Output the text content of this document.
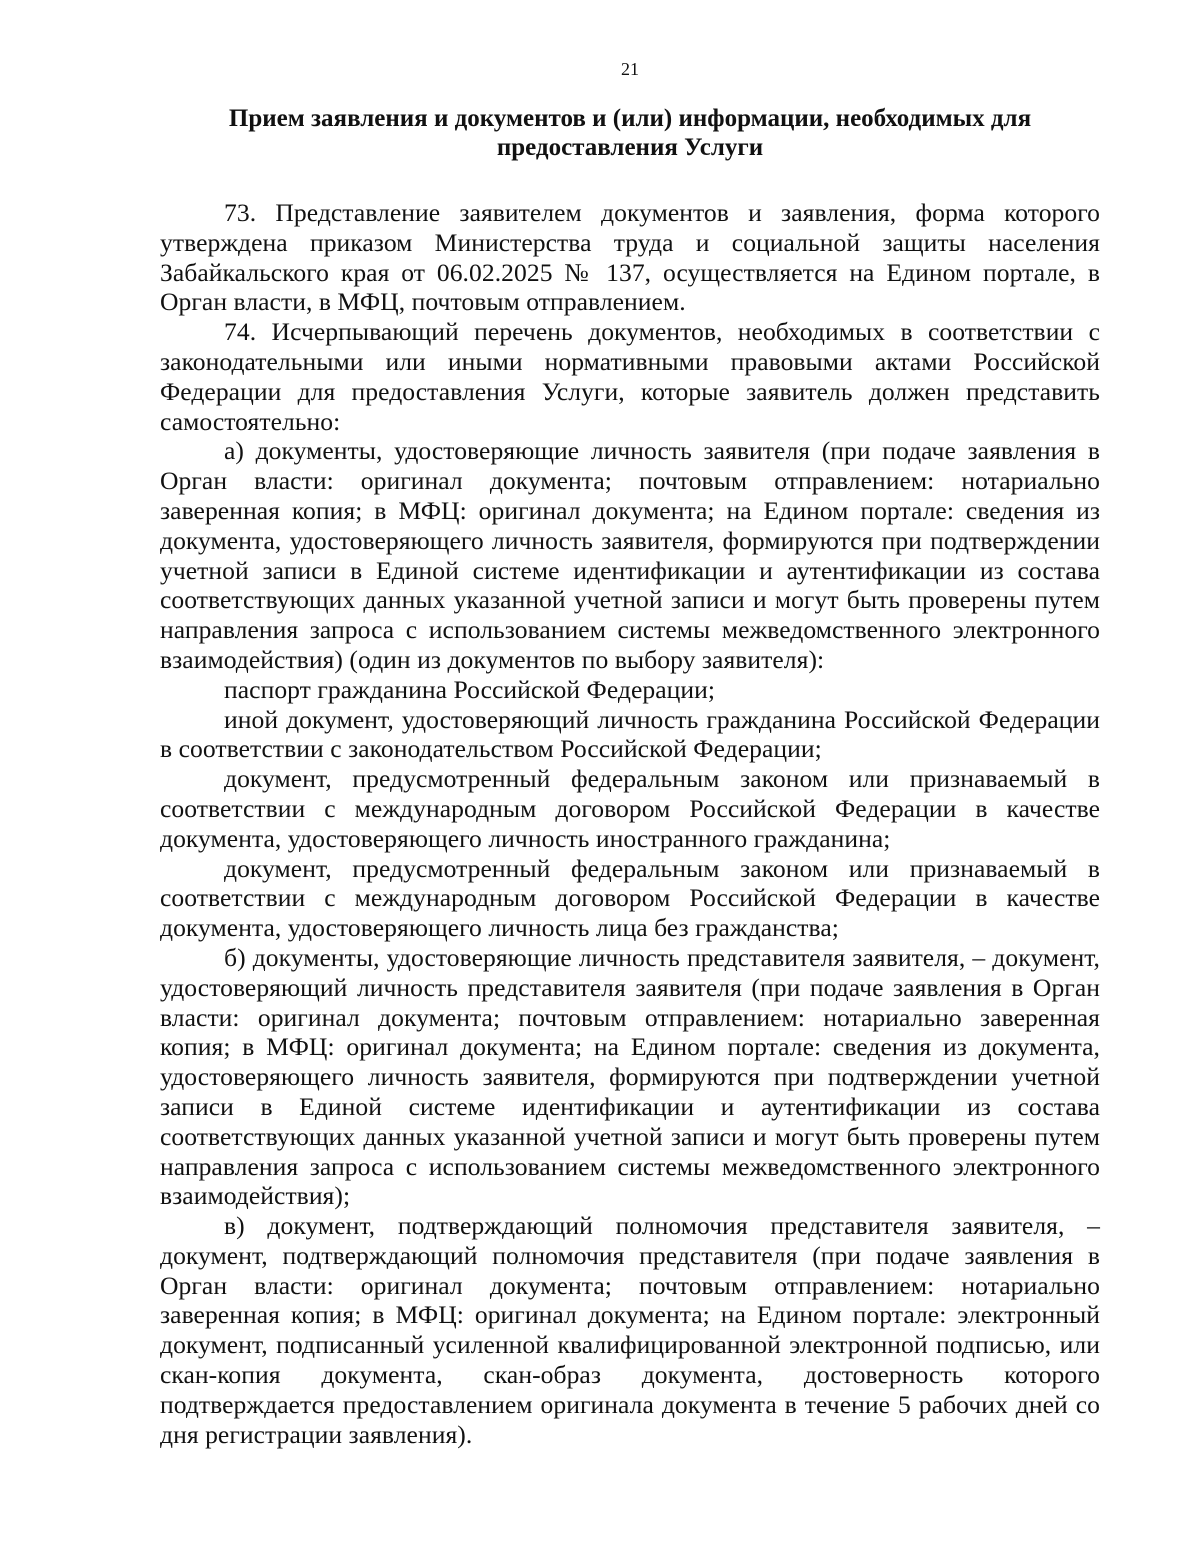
21
Прием заявления и документов и (или) информации, необходимых для
предоставления Услуги

73. Представление заявителем документов и заявления, форма которого утверждена приказом Министерства труда и социальной защиты населения Забайкальского края от 06.02.2025 № 137, осуществляется на Едином портале, в Орган власти, в МФЦ, почтовым отправлением.

74. Исчерпывающий перечень документов, необходимых в соответствии с законодательными или иными нормативными правовыми актами Российской Федерации для предоставления Услуги, которые заявитель должен представить самостоятельно:

а) документы, удостоверяющие личность заявителя (при подаче заявления в Орган власти: оригинал документа; почтовым отправлением: нотариально заверенная копия; в МФЦ: оригинал документа; на Едином портале: сведения из документа, удостоверяющего личность заявителя, формируются при подтверждении учетной записи в Единой системе идентификации и аутентификации из состава соответствующих данных указанной учетной записи и могут быть проверены путем направления запроса с использованием системы межведомственного электронного взаимодействия) (один из документов по выбору заявителя):

паспорт гражданина Российской Федерации;

иной документ, удостоверяющий личность гражданина Российской Федерации в соответствии с законодательством Российской Федерации;

документ, предусмотренный федеральным законом или признаваемый в соответствии с международным договором Российской Федерации в качестве документа, удостоверяющего личность иностранного гражданина;

документ, предусмотренный федеральным законом или признаваемый в соответствии с международным договором Российской Федерации в качестве документа, удостоверяющего личность лица без гражданства;

б) документы, удостоверяющие личность представителя заявителя, – документ, удостоверяющий личность представителя заявителя (при подаче заявления в Орган власти: оригинал документа; почтовым отправлением: нотариально заверенная копия; в МФЦ: оригинал документа; на Едином портале: сведения из документа, удостоверяющего личность заявителя, формируются при подтверждении учетной записи в Единой системе идентификации и аутентификации из состава соответствующих данных указанной учетной записи и могут быть проверены путем направления запроса с использованием системы межведомственного электронного взаимодействия);

в) документ, подтверждающий полномочия представителя заявителя, – документ, подтверждающий полномочия представителя (при подаче заявления в Орган власти: оригинал документа; почтовым отправлением: нотариально заверенная копия; в МФЦ: оригинал документа; на Едином портале: электронный документ, подписанный усиленной квалифицированной электронной подписью, или скан-копия документа, скан-образ документа, достоверность которого подтверждается предоставлением оригинала документа в течение 5 рабочих дней со дня регистрации заявления).
